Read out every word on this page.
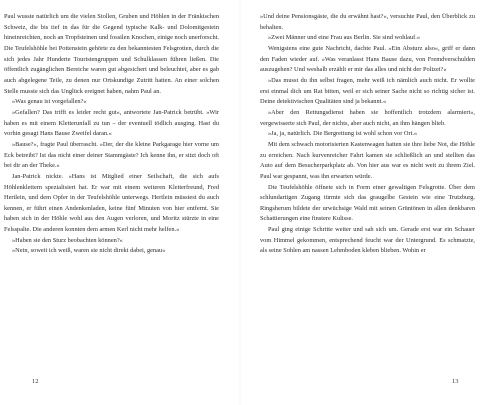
Paul wusste natürlich um die vielen Stollen, Gruben und Höhlen in der Fränkischen Schweiz, die bis tief in das für die Gegend typische Kalk- und Dolomitgestein hineinreichten, noch an Tropfsteinen und fossilen Knochen, einige noch unerforscht. Die Teufelshöhle bei Pottenstein gehörte zu den bekanntesten Felsgrotten, durch die sich jedes Jahr Hunderte Touristengruppen und Schulklassen führen ließen. Die öffentlich zugänglichen Bereiche waren gut abgesichert und beleuchtet, aber es gab auch abgelegene Teile, zu denen nur Ortskundige Zutritt hatten. An einer solchen Stelle musste sich das Unglück ereignet haben, nahm Paul an.

»Was genau ist vorgefallen?«

»Gefallen? Das trifft es leider recht gut«, antwortete Jan-Patrick betrübt. »Wir haben es mit einem Kletterunfall zu tun – der eventuell tödlich ausging. Hast du vorhin gesagt Hans Bause Zweifel daran.«

»Bause?«, fragte Paul überrascht. »Der, der die kleine Parkgarage hier vorne um Eck betreibt? Ist das nicht einer deiner Stammgäste? Ich kenne ihn, er sitzt doch oft bei dir an der Theke.«

Jan-Patrick nickte. »Hans ist Mitglied einer Seilschaft, die sich aufs Höhlenklettern spezialisiert hat. Er war mit einem weiteren Kletterfreund, Fred Hertlein, und dem Opfer in der Teufelshöhle unterwegs. Hertlein müsstest du auch kennen, er führt einen Andenkenladen, keine fünf Minuten von hier entfernt. Sie haben sich in der Höhle wohl aus den Augen verloren, und Moritz stürzte in eine Felsspalte. Die anderen konnten dem armen Kerl nicht mehr helfen.«

»Haben sie den Sturz beobachten können?«

»Nein, soweit ich weiß, waren sie nicht direkt dabei, genau«

»Und deine Pensionsgäste, die du erwähnt hast?«, versuchte Paul, den Überblick zu behalten.

»Zwei Männer und eine Frau aus Berlin. Sie sind wohlauf.«

Wenigstens eine gute Nachricht, dachte Paul. »Ein Absturz also«, griff er dann den Faden wieder auf. »Was veranlasst Hans Bause dazu, von Fremdverschulden auszugehen? Und weshalb erzählt er mir das alles und nicht der Polizei?«

»Das musst du ihn selbst fragen, mehr weiß ich nämlich auch nicht. Er wollte erst einmal dich um Rat bitten, weil er sich seiner Sache nicht so richtig sicher ist. Deine detektivischen Qualitäten sind ja bekannt.«

»Aber den Rettungsdienst haben sie hoffentlich trotzdem alarmiert«, vergewisserte sich Paul, der nichts, aber auch nicht, an ihm hängen blieb.

»Ja, ja, natürlich. Die Bergrettung ist wohl schon vor Ort.«

Mit dem schwach motorisierten Kastenwagen hatten sie ihre liebe Not, die Höhle zu erreichen. Nach kurvenreicher Fahrt kamen sie schließlich an und stellten das Auto auf dem Besucherparkplatz ab. Von hier aus war es nicht weit zu ihrem Ziel. Paul war gespannt, was ihn erwarten würde.

Die Teufelshöhle öffnete sich in Form einer gewaltigen Felsgrotte. Über dem schlundartigen Zugang türmte sich das graugelbe Gestein wie eine Trutzburg. Ringsherum bildete der urwüchsige Wald mit seinen Grüntönen in allen denkbaren Schattierungen eine finstere Kulisse.

Paul ging einige Schritte weiter und sah sich um. Gerade erst war ein Schauer vom Himmel gekommen, entsprechend feucht war der Untergrund. Es schmatzte, als seine Sohlen am nassen Lehmboden kleben blieben. Wohin er

12	13
